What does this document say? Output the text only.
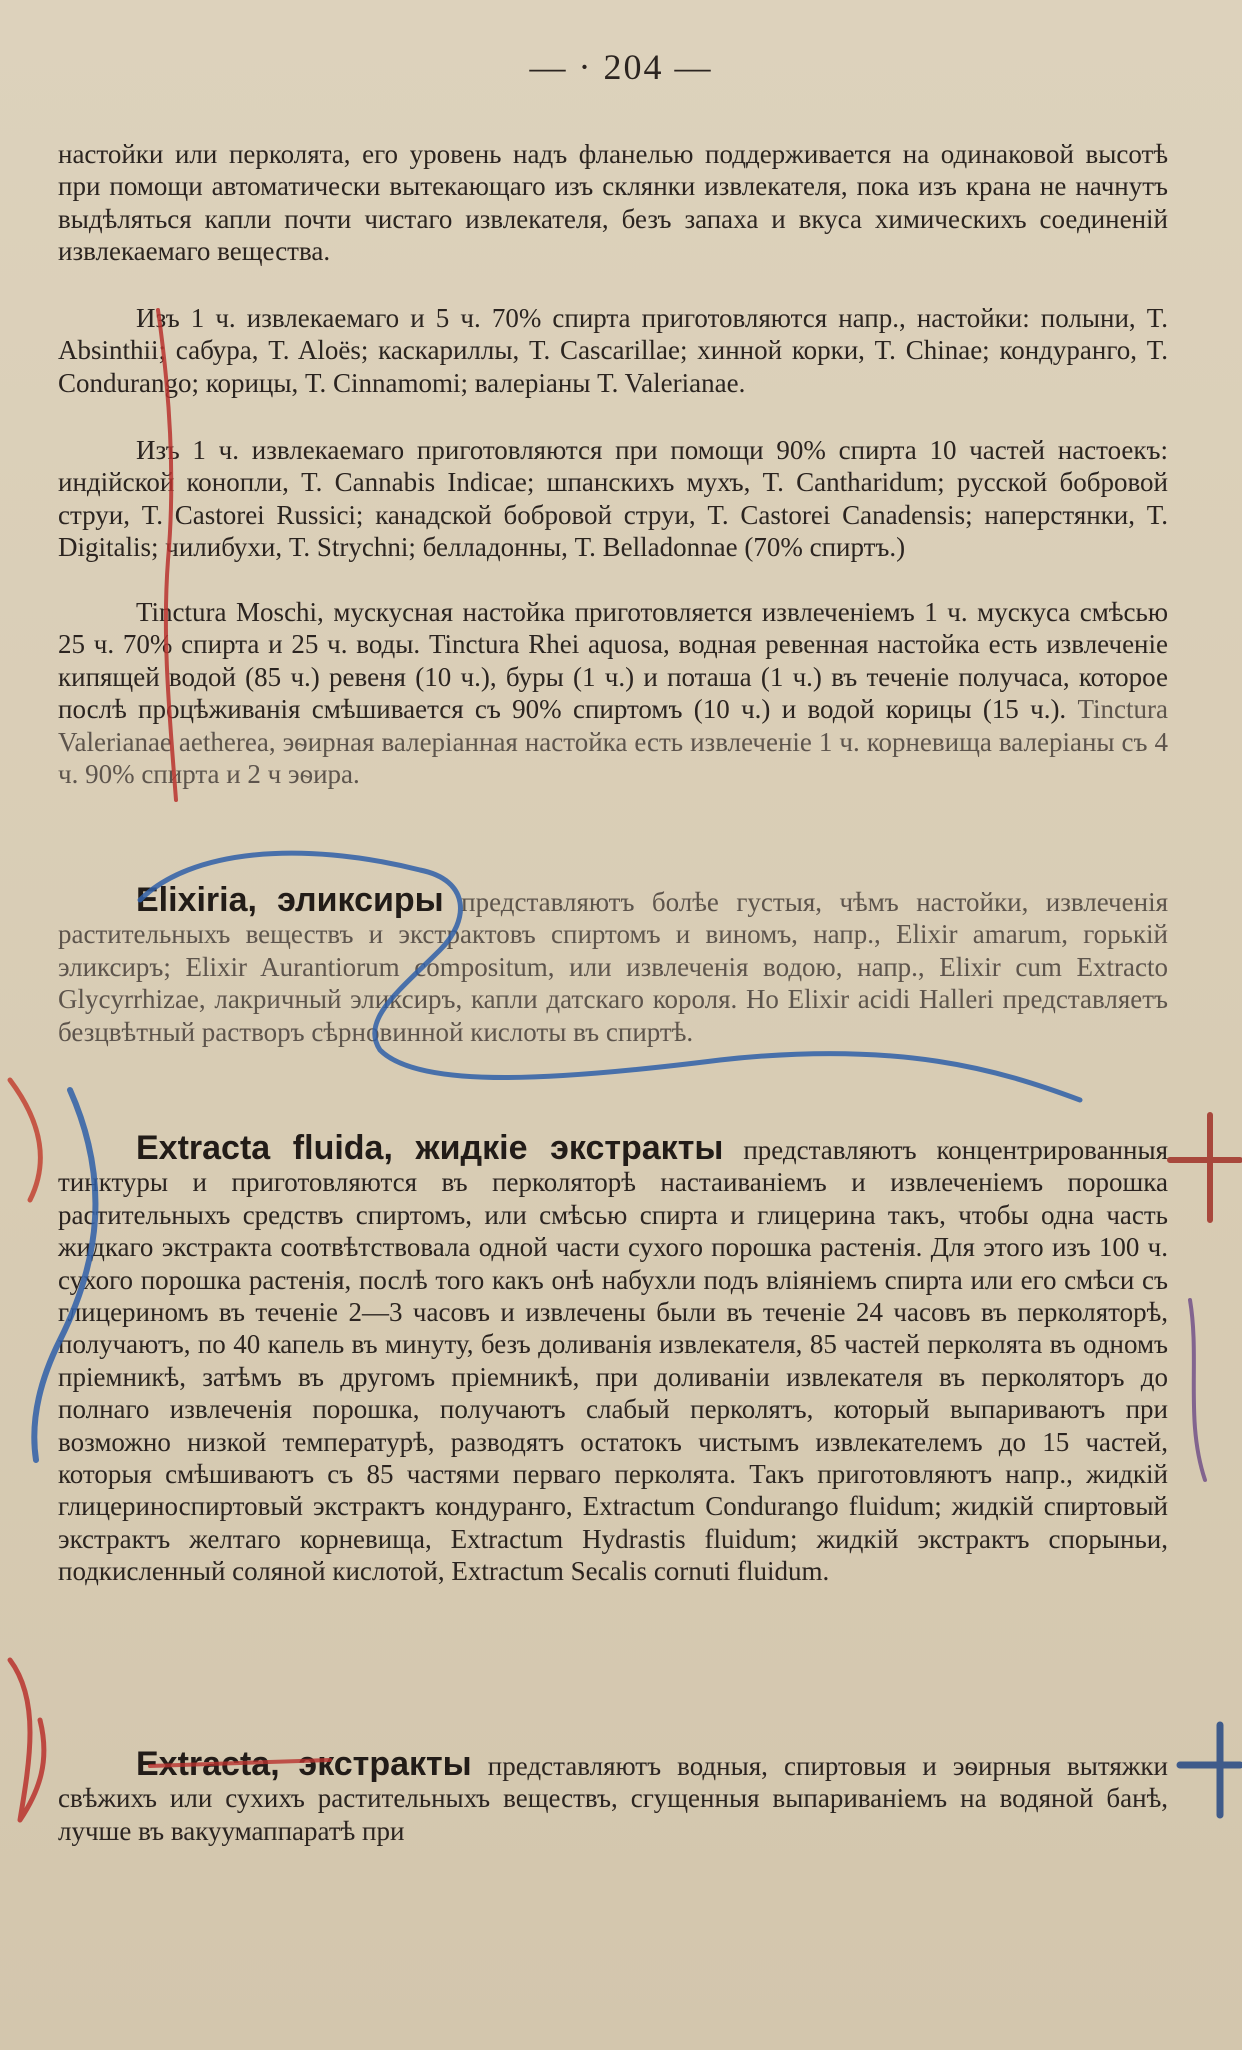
— · 204 —
настойки или перколята, его уровень надъ фланелью поддерживается на одинаковой высотѣ при помощи автоматически вытекающаго изъ склянки извлекателя, пока изъ крана не начнутъ выдѣляться капли почти чистаго извлекателя, безъ запаха и вкуса химическихъ соединенiй извлекаемаго вещества.
Изъ 1 ч. извлекаемаго и 5 ч. 70% спирта приготовляются напр., настойки: полыни, T. Absinthii; сабура, T. Aloës; каскариллы, T. Cascarillae; хинной корки, T. Chinae; кондуранго, T. Condurango; корицы, T. Cinnamomi; валерiаны T. Valerianae.
Изъ 1 ч. извлекаемаго приготовляются при помощи 90% спирта 10 частей настоекъ: индiйской конопли, T. Cannabis Indicae; шпанскихъ мухъ, T. Cantharidum; русской бобровой струи, T. Castorei Russici; канадской бобровой струи, T. Castorei Canadensis; наперстянки, T. Digitalis; чилибухи, T. Strychni; белладонны, T. Belladonnae (70% спиртъ.)
Tinctura Moschi, мускусная настойка приготовляется извлеченiемъ 1 ч. мускуса смѣсью 25 ч. 70% спирта и 25 ч. воды. Tinctura Rhei aquosa, водная ревенная настойка есть извлеченiе кипящей водой (85 ч.) ревеня (10 ч.), буры (1 ч.) и поташа (1 ч.) въ теченiе получаса, которое послѣ процѣживанiя смѣшивается съ 90% спиртомъ (10 ч.) и водой корицы (15 ч.). Tinctura Valerianae aetherea, эѳирная валерiанная настойка есть извлеченiе 1 ч. корневища валерiаны съ 4 ч. 90% спирта и 2 ч эѳира.
Elixiria, эликсиры представляютъ болѣе густыя, чѣмъ настойки, извлеченiя растительныхъ веществъ и экстрактовъ спиртомъ и виномъ, напр., Elixir amarum, горькiй эликсиръ; Elixir Aurantiorum compositum, или извлеченiя водою, напр., Elixir cum Extracto Glycyrrhizae, лакричный эликсиръ, капли датскаго короля. Но Elixir acidi Halleri представляетъ безцвѣтный растворъ сѣрновинной кислоты въ спиртѣ.
Extracta fluida, жидкiе экстракты представляютъ концентрированныя тинктуры и приготовляются въ перколяторѣ настаиванiемъ и извлеченiемъ порошка растительныхъ средствъ спиртомъ, или смѣсью спирта и глицерина такъ, чтобы одна часть жидкаго экстракта соотвѣтствовала одной части сухого порошка растенiя. Для этого изъ 100 ч. сухого порошка растенiя, послѣ того какъ онѣ набухли подъ влiянiемъ спирта или его смѣси съ глицериномъ въ теченiе 2—3 часовъ и извлечены были въ теченiе 24 часовъ въ перколяторѣ, получаютъ, по 40 капель въ минуту, безъ доливанiя извлекателя, 85 частей перколята въ одномъ прiемникѣ, затѣмъ въ другомъ прiемникѣ, при доливанiи извлекателя въ перколяторъ до полнаго извлеченiя порошка, получаютъ слабый перколятъ, который выпариваютъ при возможно низкой температурѣ, разводятъ остатокъ чистымъ извлекателемъ до 15 частей, которыя смѣшиваютъ съ 85 частями перваго перколята. Такъ приготовляютъ напр., жидкiй глицериноспиртовый экстрактъ кондуранго, Extractum Condurango fluidum; жидкiй спиртовый экстрактъ желтаго корневища, Extractum Hydrastis fluidum; жидкiй экстрактъ спорыньи, подкисленный соляной кислотой, Extractum Secalis cornuti fluidum.
Extracta, экстракты представляютъ водныя, спиртовыя и эѳирныя вытяжки свѣжихъ или сухихъ растительныхъ веществъ, сгущенныя выпариванiемъ на водяной банѣ, лучше въ вакуумаппаратѣ при
